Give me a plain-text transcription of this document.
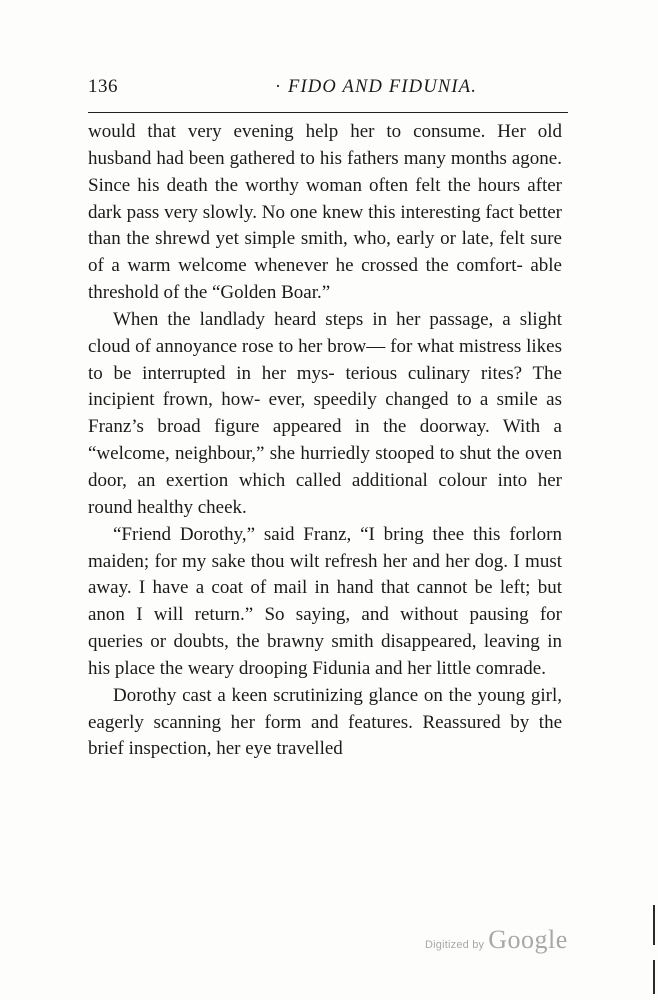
136	· FIDO AND FIDUNIA.

would that very evening help her to consume. Her old husband had been gathered to his fathers many months agone. Since his death the worthy woman often felt the hours after dark pass very slowly. No one knew this interesting fact better than the shrewd yet simple smith, who, early or late, felt sure of a warm welcome whenever he crossed the comfort- able threshold of the “Golden Boar.”

When the landlady heard steps in her passage, a slight cloud of annoyance rose to her brow— for what mistress likes to be interrupted in her mys- terious culinary rites? The incipient frown, how- ever, speedily changed to a smile as Franz’s broad figure appeared in the doorway. With a “welcome, neighbour,” she hurriedly stooped to shut the oven door, an exertion which called additional colour into her round healthy cheek.

“Friend Dorothy,” said Franz, “I bring thee this forlorn maiden; for my sake thou wilt refresh her and her dog. I must away. I have a coat of mail in hand that cannot be left; but anon I will return.” So saying, and without pausing for queries or doubts, the brawny smith disappeared, leaving in his place the weary drooping Fidunia and her little comrade.

Dorothy cast a keen scrutinizing glance on the young girl, eagerly scanning her form and features. Reassured by the brief inspection, her eye travelled

Digitized by Google
